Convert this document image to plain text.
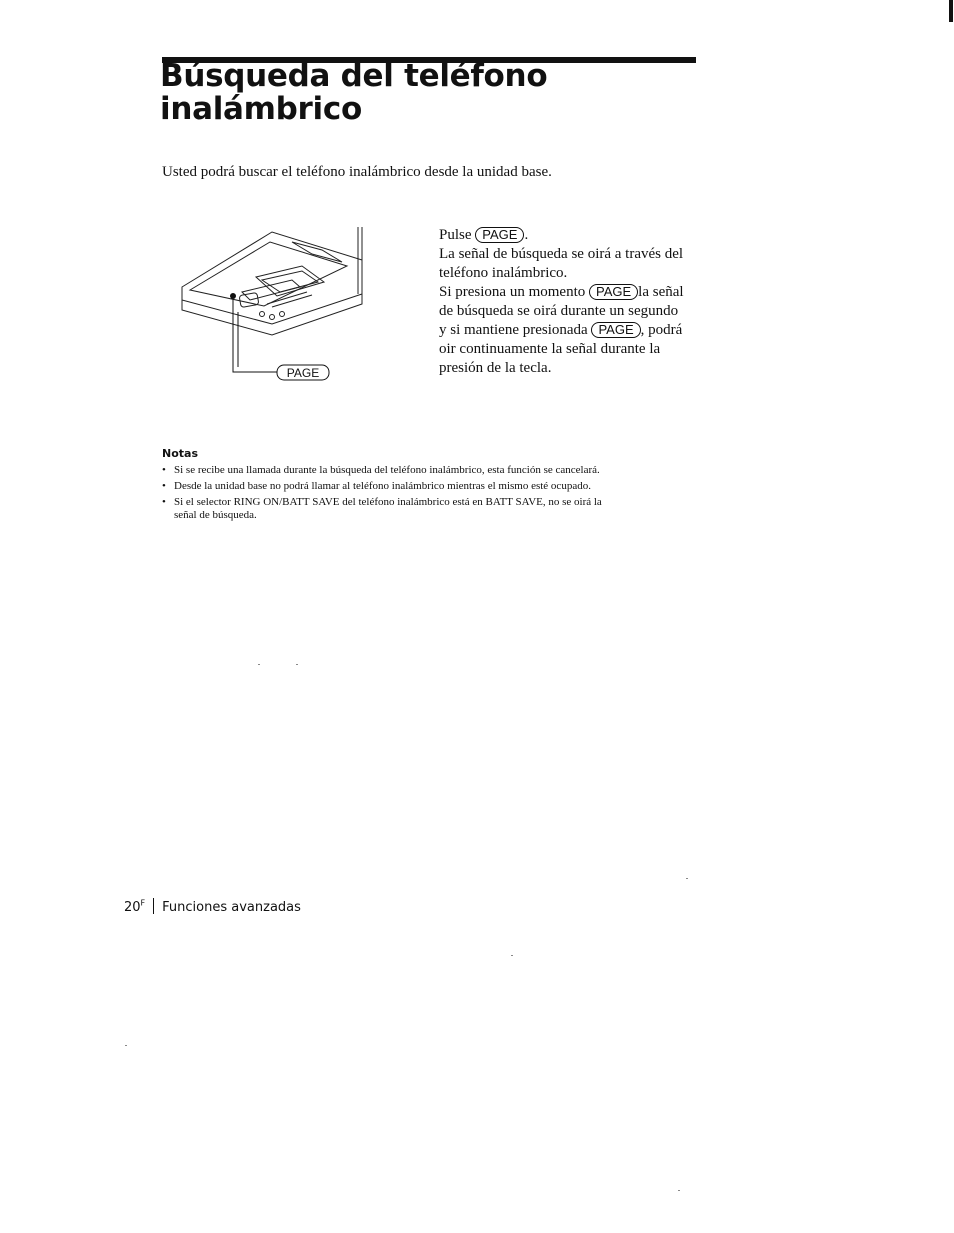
Búsqueda del teléfono
inalámbrico
Usted podrá buscar el teléfono inalámbrico desde la unidad base.
PAGE

Pulse PAGE .

La señal de búsqueda se oirá a través del teléfono inalámbrico.

Si presiona un momento PAGE la señal de búsqueda se oirá durante un segundo y si mantiene presionada PAGE , podrá oir continuamente la señal durante la presión de la tecla.

Notas
• Si se recibe una llamada durante la búsqueda del teléfono inalámbrico, esta función se cancelará.
• Desde la unidad base no podrá llamar al teléfono inalámbrico mientras el mismo esté ocupado.
• Si el selector RING ON/BATT SAVE del teléfono inalámbrico está en BATT SAVE, no se oirá la señal de búsqueda.
$20^F$ Funciones avanzadas
